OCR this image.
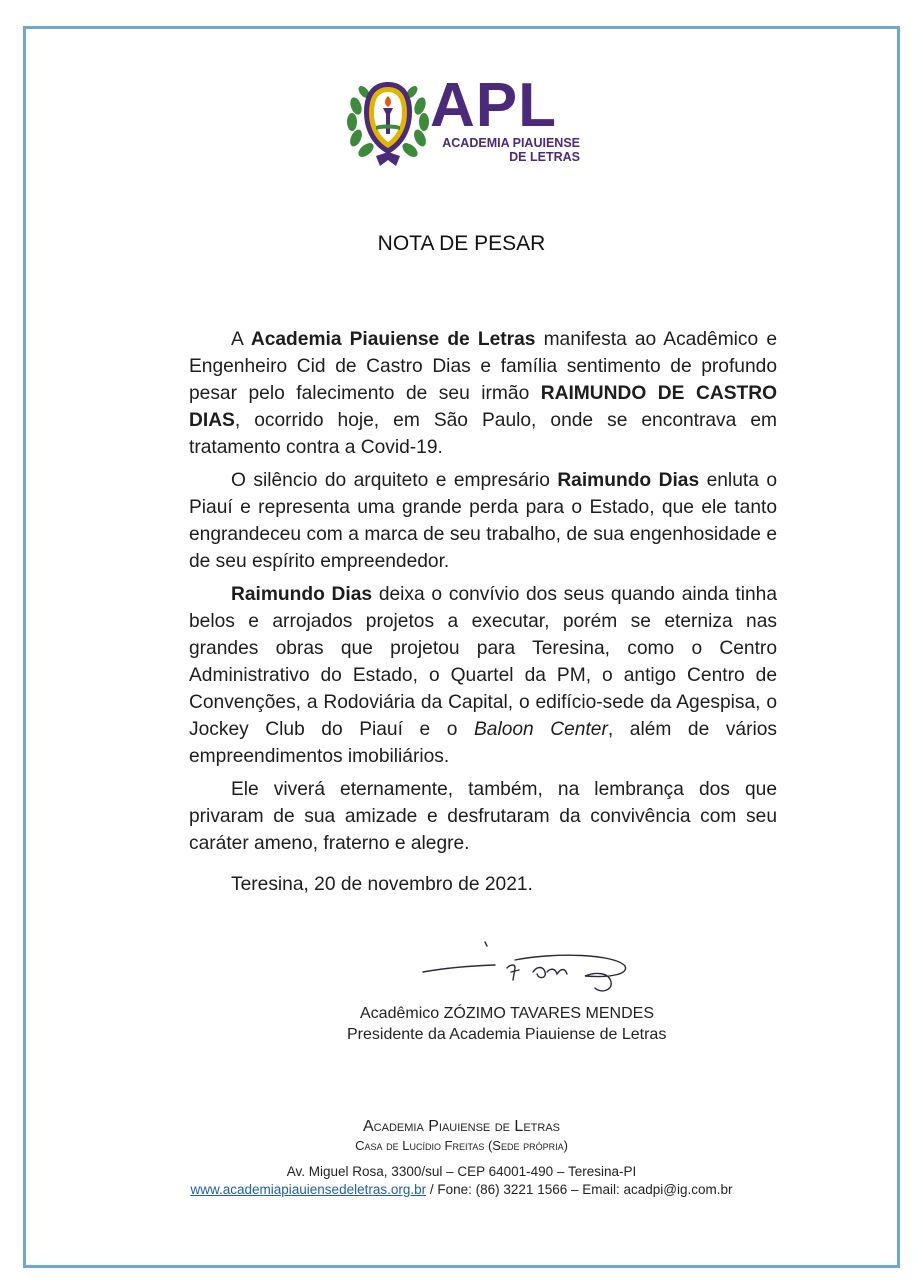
APL
ACADEMIA PIAUIENSE
DE LETRAS
NOTA DE PESAR

A Academia Piauiense de Letras manifesta ao Acadêmico e Engenheiro Cid de Castro Dias e família sentimento de profundo pesar pelo falecimento de seu irmão RAIMUNDO DE CASTRO DIAS, ocorrido hoje, em São Paulo, onde se encontrava em tratamento contra a Covid-19.

O silêncio do arquiteto e empresário Raimundo Dias enluta o Piauí e representa uma grande perda para o Estado, que ele tanto engrandeceu com a marca de seu trabalho, de sua engenhosidade e de seu espírito empreendedor.

Raimundo Dias deixa o convívio dos seus quando ainda tinha belos e arrojados projetos a executar, porém se eterniza nas grandes obras que projetou para Teresina, como o Centro Administrativo do Estado, o Quartel da PM, o antigo Centro de Convenções, a Rodoviária da Capital, o edifício-sede da Agespisa, o Jockey Club do Piauí e o Baloon Center, além de vários empreendimentos imobiliários.

Ele viverá eternamente, também, na lembrança dos que privaram de sua amizade e desfrutaram da convivência com seu caráter ameno, fraterno e alegre.

Teresina, 20 de novembro de 2021.
Acadêmico ZÓZIMO TAVARES MENDES
Presidente da Academia Piauiense de Letras
Academia Piauiense de Letras
Casa de Lucídio Freitas (Sede própria)
Av. Miguel Rosa, 3300/sul – CEP 64001-490 – Teresina-PI
www.academiapiauiensedeletras.org.br / Fone: (86) 3221 1566 – Email: acadpi@ig.com.br
